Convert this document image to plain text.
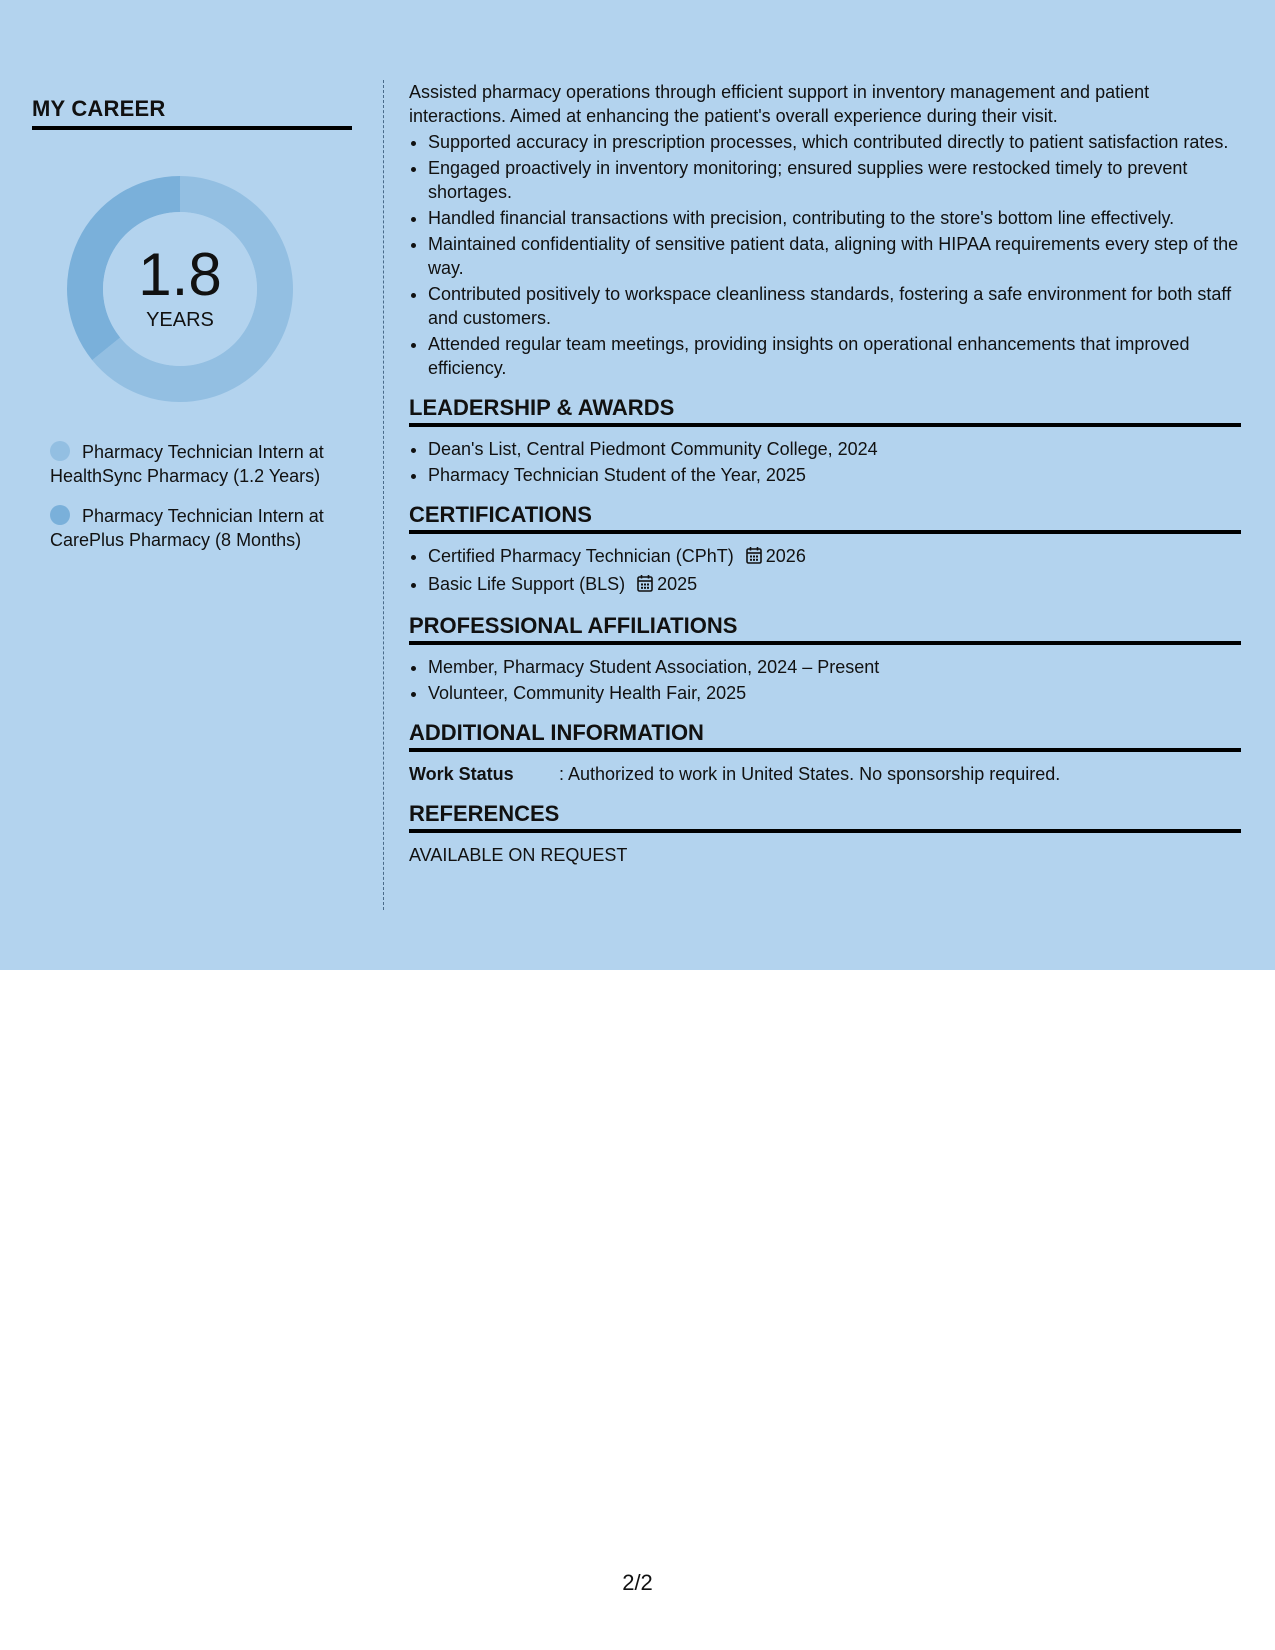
MY CAREER
1.8
YEARS
Pharmacy Technician Intern at HealthSync Pharmacy (1.2 Years)
Pharmacy Technician Intern at CarePlus Pharmacy (8 Months)

Assisted pharmacy operations through efficient support in inventory management and patient interactions. Aimed at enhancing the patient's overall experience during their visit.

• Supported accuracy in prescription processes, which contributed directly to patient satisfaction rates.
• Engaged proactively in inventory monitoring; ensured supplies were restocked timely to prevent shortages.
• Handled financial transactions with precision, contributing to the store's bottom line effectively.
• Maintained confidentiality of sensitive patient data, aligning with HIPAA requirements every step of the way.
• Contributed positively to workspace cleanliness standards, fostering a safe environment for both staff and customers.
• Attended regular team meetings, providing insights on operational enhancements that improved efficiency.
LEADERSHIP & AWARDS
• Dean's List, Central Piedmont Community College, 2024
• Pharmacy Technician Student of the Year, 2025
CERTIFICATIONS
• Certified Pharmacy Technician (CPhT) 2026
• Basic Life Support (BLS) 2025
PROFESSIONAL AFFILIATIONS
• Member, Pharmacy Student Association, 2024 – Present
• Volunteer, Community Health Fair, 2025
ADDITIONAL INFORMATION
Work Status	: Authorized to work in United States. No sponsorship required.
REFERENCES

AVAILABLE ON REQUEST

2/2
